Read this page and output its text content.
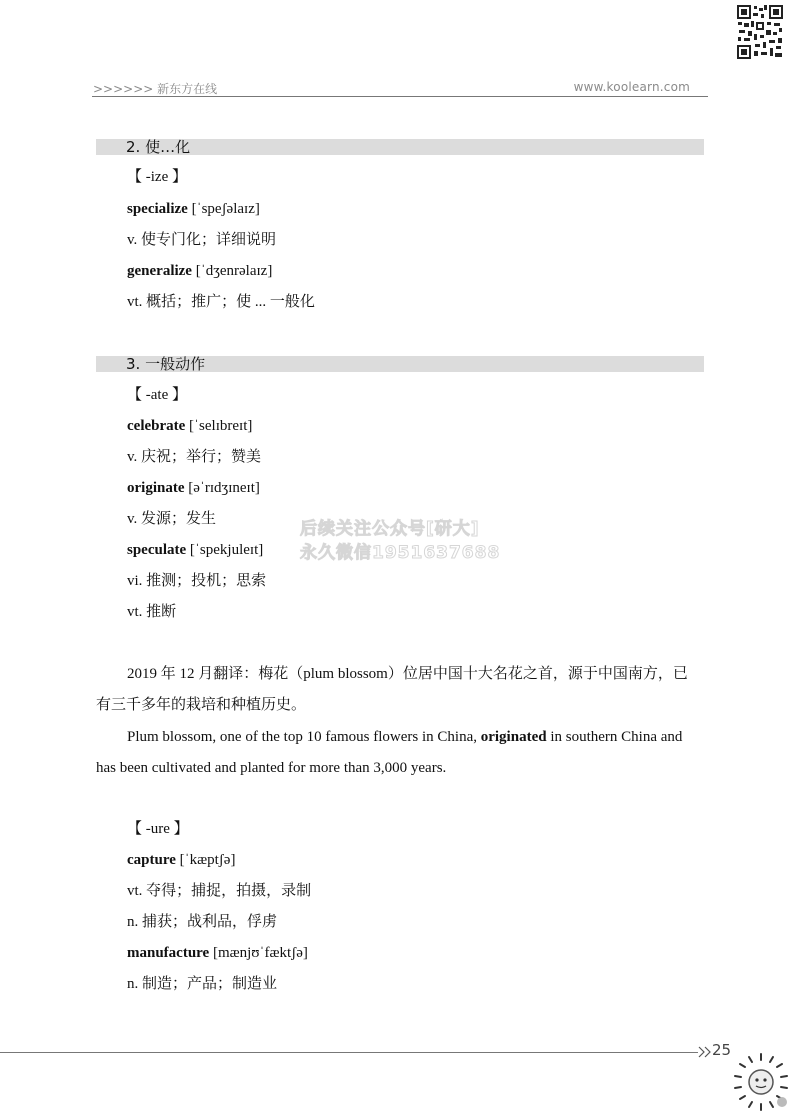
>>>>>> 新东方在线	www.koolearn.com
2. 使…化
【 -ize 】
specialize [ˈspeʃəlaɪz]
v. 使专门化；详细说明
generalize [ˈdʒenrəlaɪz]
vt. 概括；推广；使 ... 一般化
3. 一般动作
【 -ate 】
celebrate [ˈselɪbreɪt]
v. 庆祝；举行；赞美
originate [əˈrɪdʒɪneɪt]
v. 发源；发生
speculate [ˈspekjuleɪt]
vi. 推测；投机；思索
vt. 推断
后续关注公众号[研大]
永久微信1951637688
2019 年 12 月翻译：梅花（plum blossom）位居中国十大名花之首，源于中国南方，已
有三千多年的栽培和种植历史。
Plum blossom, one of the top 10 famous flowers in China, originated in southern China and
has been cultivated and planted for more than 3,000 years.
【 -ure 】
capture [ˈkæptʃə]
vt. 夺得；捕捉，拍摄，录制
n. 捕获；战利品，俘虏
manufacture [mænjʊˈfæktʃə]
n. 制造；产品；制造业
25
